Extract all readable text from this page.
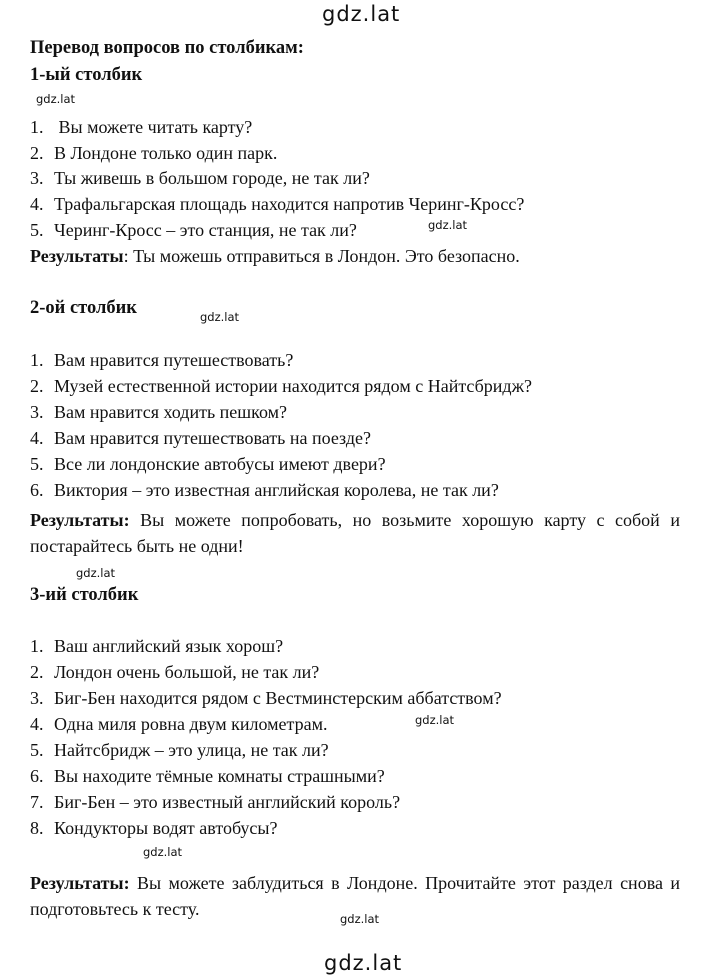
gdz.lat
gdz.lat
gdz.lat
gdz.lat
gdz.lat
gdz.lat
gdz.lat
gdz.lat
gdz.lat
Перевод вопросов по столбикам:
1-ый столбик
1. Вы можете читать карту?
2. В Лондоне только один парк.
3. Ты живешь в большом городе, не так ли?
4. Трафальгарская площадь находится напротив Черинг-Кросс?
5. Черинг-Кросс – это станция, не так ли?
Результаты: Ты можешь отправиться в Лондон. Это безопасно.
2-ой столбик
1. Вам нравится путешествовать?
2. Музей естественной истории находится рядом с Найтсбридж?
3. Вам нравится ходить пешком?
4. Вам нравится путешествовать на поезде?
5. Все ли лондонские автобусы имеют двери?
6. Виктория – это известная английская королева, не так ли?
Результаты: Вы можете попробовать, но возьмите хорошую карту с собой и постарайтесь быть не одни!
3-ий столбик
1. Ваш английский язык хорош?
2. Лондон очень большой, не так ли?
3. Биг-Бен находится рядом с Вестминстерским аббатством?
4. Одна миля ровна двум километрам.
5. Найтсбридж – это улица, не так ли?
6. Вы находите тёмные комнаты страшными?
7. Биг-Бен – это известный английский король?
8. Кондукторы водят автобусы?
Результаты: Вы можете заблудиться в Лондоне. Прочитайте этот раздел снова и подготовьтесь к тесту.
